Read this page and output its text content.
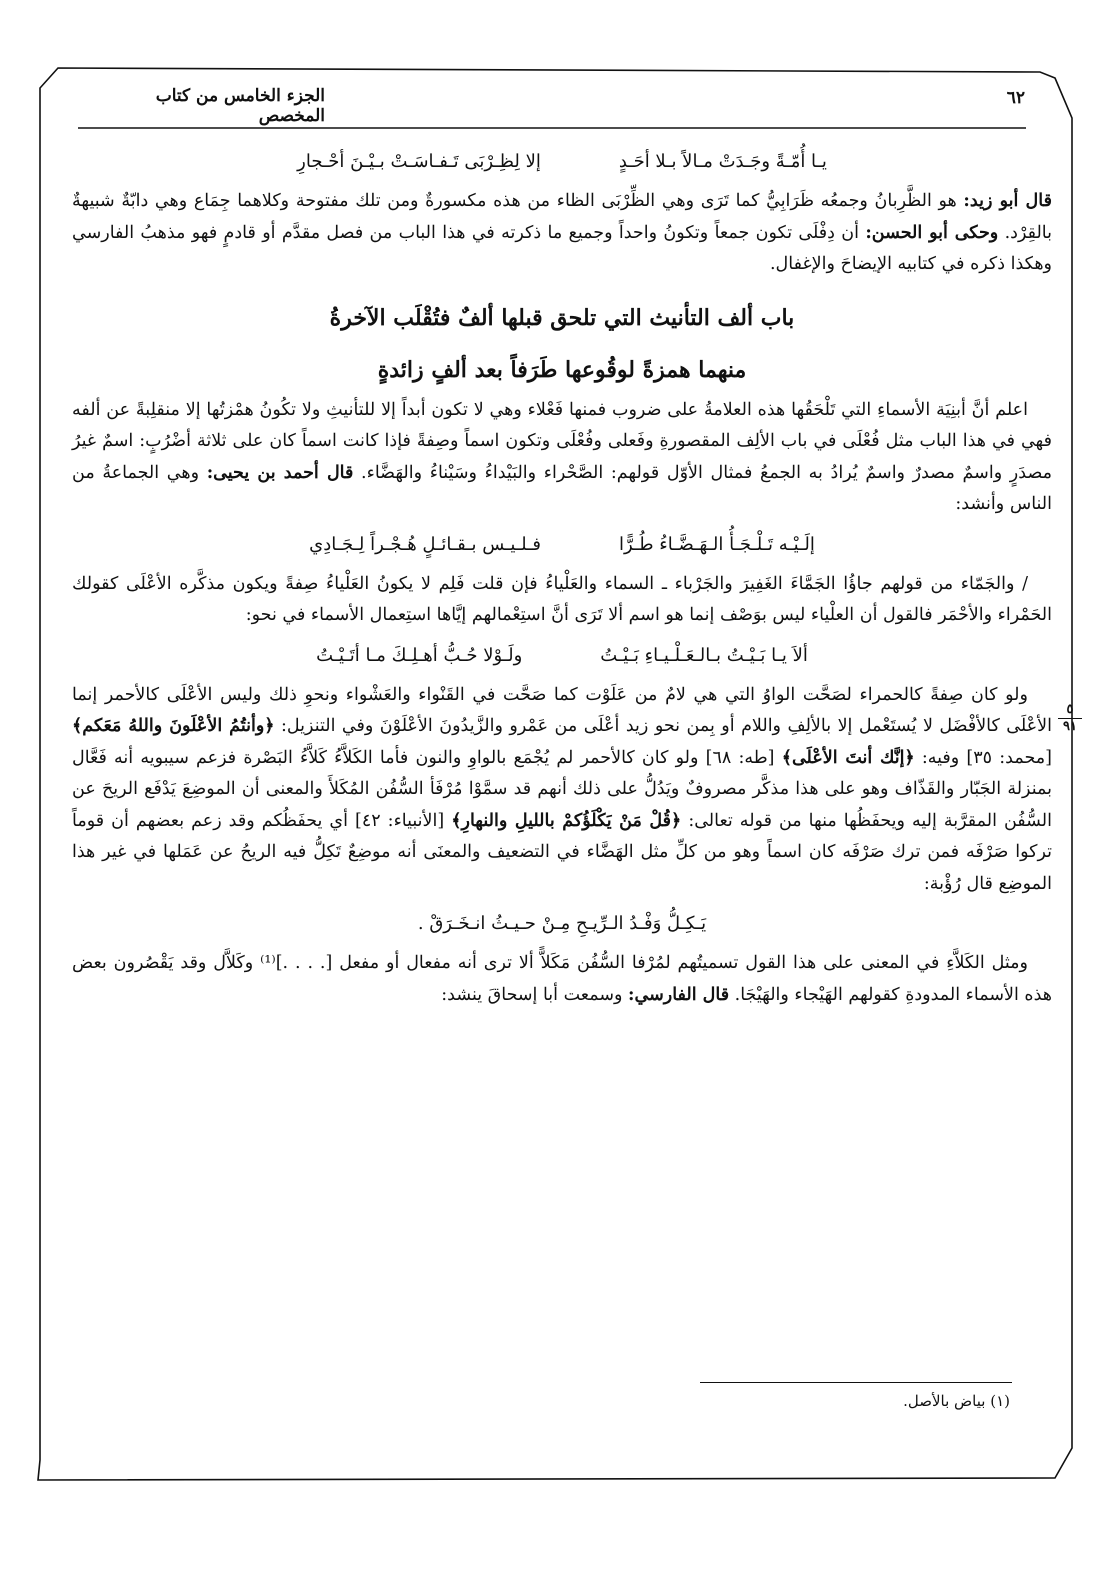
الجزء الخامس من كتاب المخصص
٦٢
٥
٩١
يـا أُمّـةً وجَـدَتْ مـالاً بـلا أحَـدٍ
إلا لِظِـرْبَى تَـفـاسَـتْ بـيْـنَ أحْـجارِ

قال أبو زيد: هو الظَّرِبانُ وجمعُه ظَرَابِيُّ كما تَرَى وهي الظِّرْبَى الظاء من هذه مكسورةٌ ومن تلك مفتوحة وكلاهما جِمَاع وهي دابّةٌ شبيهةٌ بالقِرْد. وحكى أبو الحسن: أن دِفْلَى تكون جمعاً وتكونُ واحداً وجميع ما ذكرته في هذا الباب من فصل مقدَّم أو قادمٍ فهو مذهبُ الفارسي وهكذا ذكره في كتابيه الإيضاحَ والإغفال.

باب ألف التأنيث التي تلحق قبلها ألفٌ فتُقْلَب الآخرةُ
منهما همزةً لوقُوعها طَرَفاً بعد ألفٍ زائدةٍ

اعلم أنَّ أبنِيَة الأسماءِ التي تَلْحَقُها هذه العلامةُ على ضروب فمنها فَعْلاء وهي لا تكون أبداً إلا للتأنيثِ ولا تكُونُ همْزتُها إلا منقلِبةً عن ألفه فهي في هذا الباب مثل فُعْلَى في باب الألِف المقصورةِ وفَعلى وفُعْلَى وتكون اسماً وصِفةً فإذا كانت اسماً كان على ثلاثة أضْرُبٍ: اسمٌ غيرُ مصدَرٍ واسمٌ مصدرٌ واسمٌ يُرادُ به الجمعُ فمثال الأوّل قولهم: الصَّحْراء والبَيْداءُ وسَيْناءُ والهَضَّاء. قال أحمد بن يحيى: وهي الجماعةُ من الناس وأنشد:

إلَـيْـه تَـلْـجَـأُ الـهَـضَّـاءُ طُـرًّا
فـلـيـس بـقـائـلٍ هُـجْـراً لِـجَـادِي

/ والجَمّاء من قولهم جاؤُا الجَمَّاءَ الغَفِيرَ والجَرْباء ـ السماء والعَلْياءُ فإن قلت فَلِم لا يكونُ العَلْياءُ صِفةً ويكون مذكَّره الأعْلَى كقولك الحَمْراء والأحْمَر فالقول أن العلْياء ليس بوَصْف إنما هو اسم ألا تَرَى أنَّ استِعْمالهم إيَّاها استِعمال الأسماء في نحو:

ألاَ يـا بَـيْـتُ بـالـعَـلْـيـاءِ بَـيْـتُ
ولَـوْلا حُـبُّ أهـلِـكَ مـا أتَـيْـتُ

ولو كان صِفةً كالحمراء لصَحَّت الواوُ التي هي لامٌ من عَلَوْت كما صَحَّت في القَنْواء والعَشْواء ونحوِ ذلك وليس الأعْلَى كالأحمر إنما الأعْلَى كالأفْضَل لا يُستَعْمل إلا بالألِفِ واللام أو بِمن نحو زيد أعْلَى من عَمْرو والزَّيدُونَ الأعْلَوْنَ وفي التنزيل: ﴿وأنتُمُ الأعْلَونَ واللهُ مَعَكم﴾ [محمد: ٣٥] وفيه: ﴿إنَّك أنتَ الأعْلَى﴾ [طه: ٦٨] ولو كان كالأحمر لم يُجْمَع بالواوِ والنون فأما الكَلاَّءُ كَلاَّءُ البَصْرة فزعم سيبويه أنه فَعَّال بمنزلة الجَبّار والقَذّاف وهو على هذا مذكَّر مصروفٌ ويَدُلُّ على ذلك أنهم قد سمَّوْا مُرْفَأ السُّفُن المُكَلأَ والمعنى أن الموضِعَ يَدْفَع الريحَ عن السُّفُن المقرَّبة إليه ويحفَظُها منها من قوله تعالى: ﴿قُلْ مَنْ يَكْلَؤُكمْ بالليلِ والنهارِ﴾ [الأنبياء: ٤٢] أي يحفَظُكم وقد زعم بعضهم أن قوماً تركوا صَرْفَه فمن ترك صَرْفَه كان اسماً وهو من كلِّ مثل الهَضَّاء في التضعيف والمعنَى أنه موضِعٌ تَكِلُّ فيه الريحُ عن عَمَلها في غير هذا الموضِع قال رُؤْبة:

يَـكِـلُّ وَفْـدُ الـرِّيـحِ مِـنْ حـيـثُ انـخَـرَقْ .

ومثل الكَلاَّءِ في المعنى على هذا القول تسميتُهم لمُرْفا السُّفُن مَكَلاًّ ألا ترى أنه مفعال أو مفعل [. . . .]⁽¹⁾ وكَلاَّل وقد يَقْصُرون بعض هذه الأسماء المدودةِ كقولهم الهَيْجاء والهَيْجَا. قال الفارسي: وسمعت أبا إسحاقَ ينشد:

(١) بياض بالأصل.
